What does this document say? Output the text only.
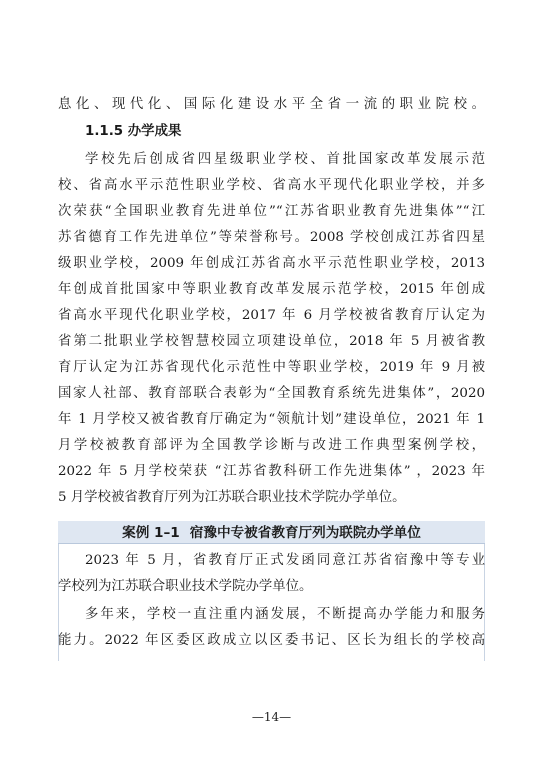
息化、现代化、国际化建设水平全省一流的职业院校。
1.1.5 办学成果
学校先后创成省四星级职业学校、首批国家改革发展示范
校、省高水平示范性职业学校、省高水平现代化职业学校，并多
次荣获“全国职业教育先进单位”“江苏省职业教育先进集体”“江
苏省德育工作先进单位”等荣誉称号。2008 学校创成江苏省四星
级职业学校，2009 年创成江苏省高水平示范性职业学校，2013
年创成首批国家中等职业教育改革发展示范学校，2015 年创成
省高水平现代化职业学校，2017 年 6 月学校被省教育厅认定为
省第二批职业学校智慧校园立项建设单位，2018 年 5 月被省教
育厅认定为江苏省现代化示范性中等职业学校，2019 年 9 月被
国家人社部、教育部联合表彰为“全国教育系统先进集体”，2020
年 1 月学校又被省教育厅确定为“领航计划”建设单位，2021 年 1
月学校被教育部评为全国教学诊断与改进工作典型案例学校，
2022 年 5 月学校荣获 “江苏省教科研工作先进集体” ，2023 年
5 月学校被省教育厅列为江苏联合职业技术学院办学单位。
案例 1–1 宿豫中专被省教育厅列为联院办学单位
2023 年 5 月，省教育厅正式发函同意江苏省宿豫中等专业
学校列为江苏联合职业技术学院办学单位。
多年来，学校一直注重内涵发展，不断提高办学能力和服务
能力。2022 年区委区政成立以区委书记、区长为组长的学校高
—14—
